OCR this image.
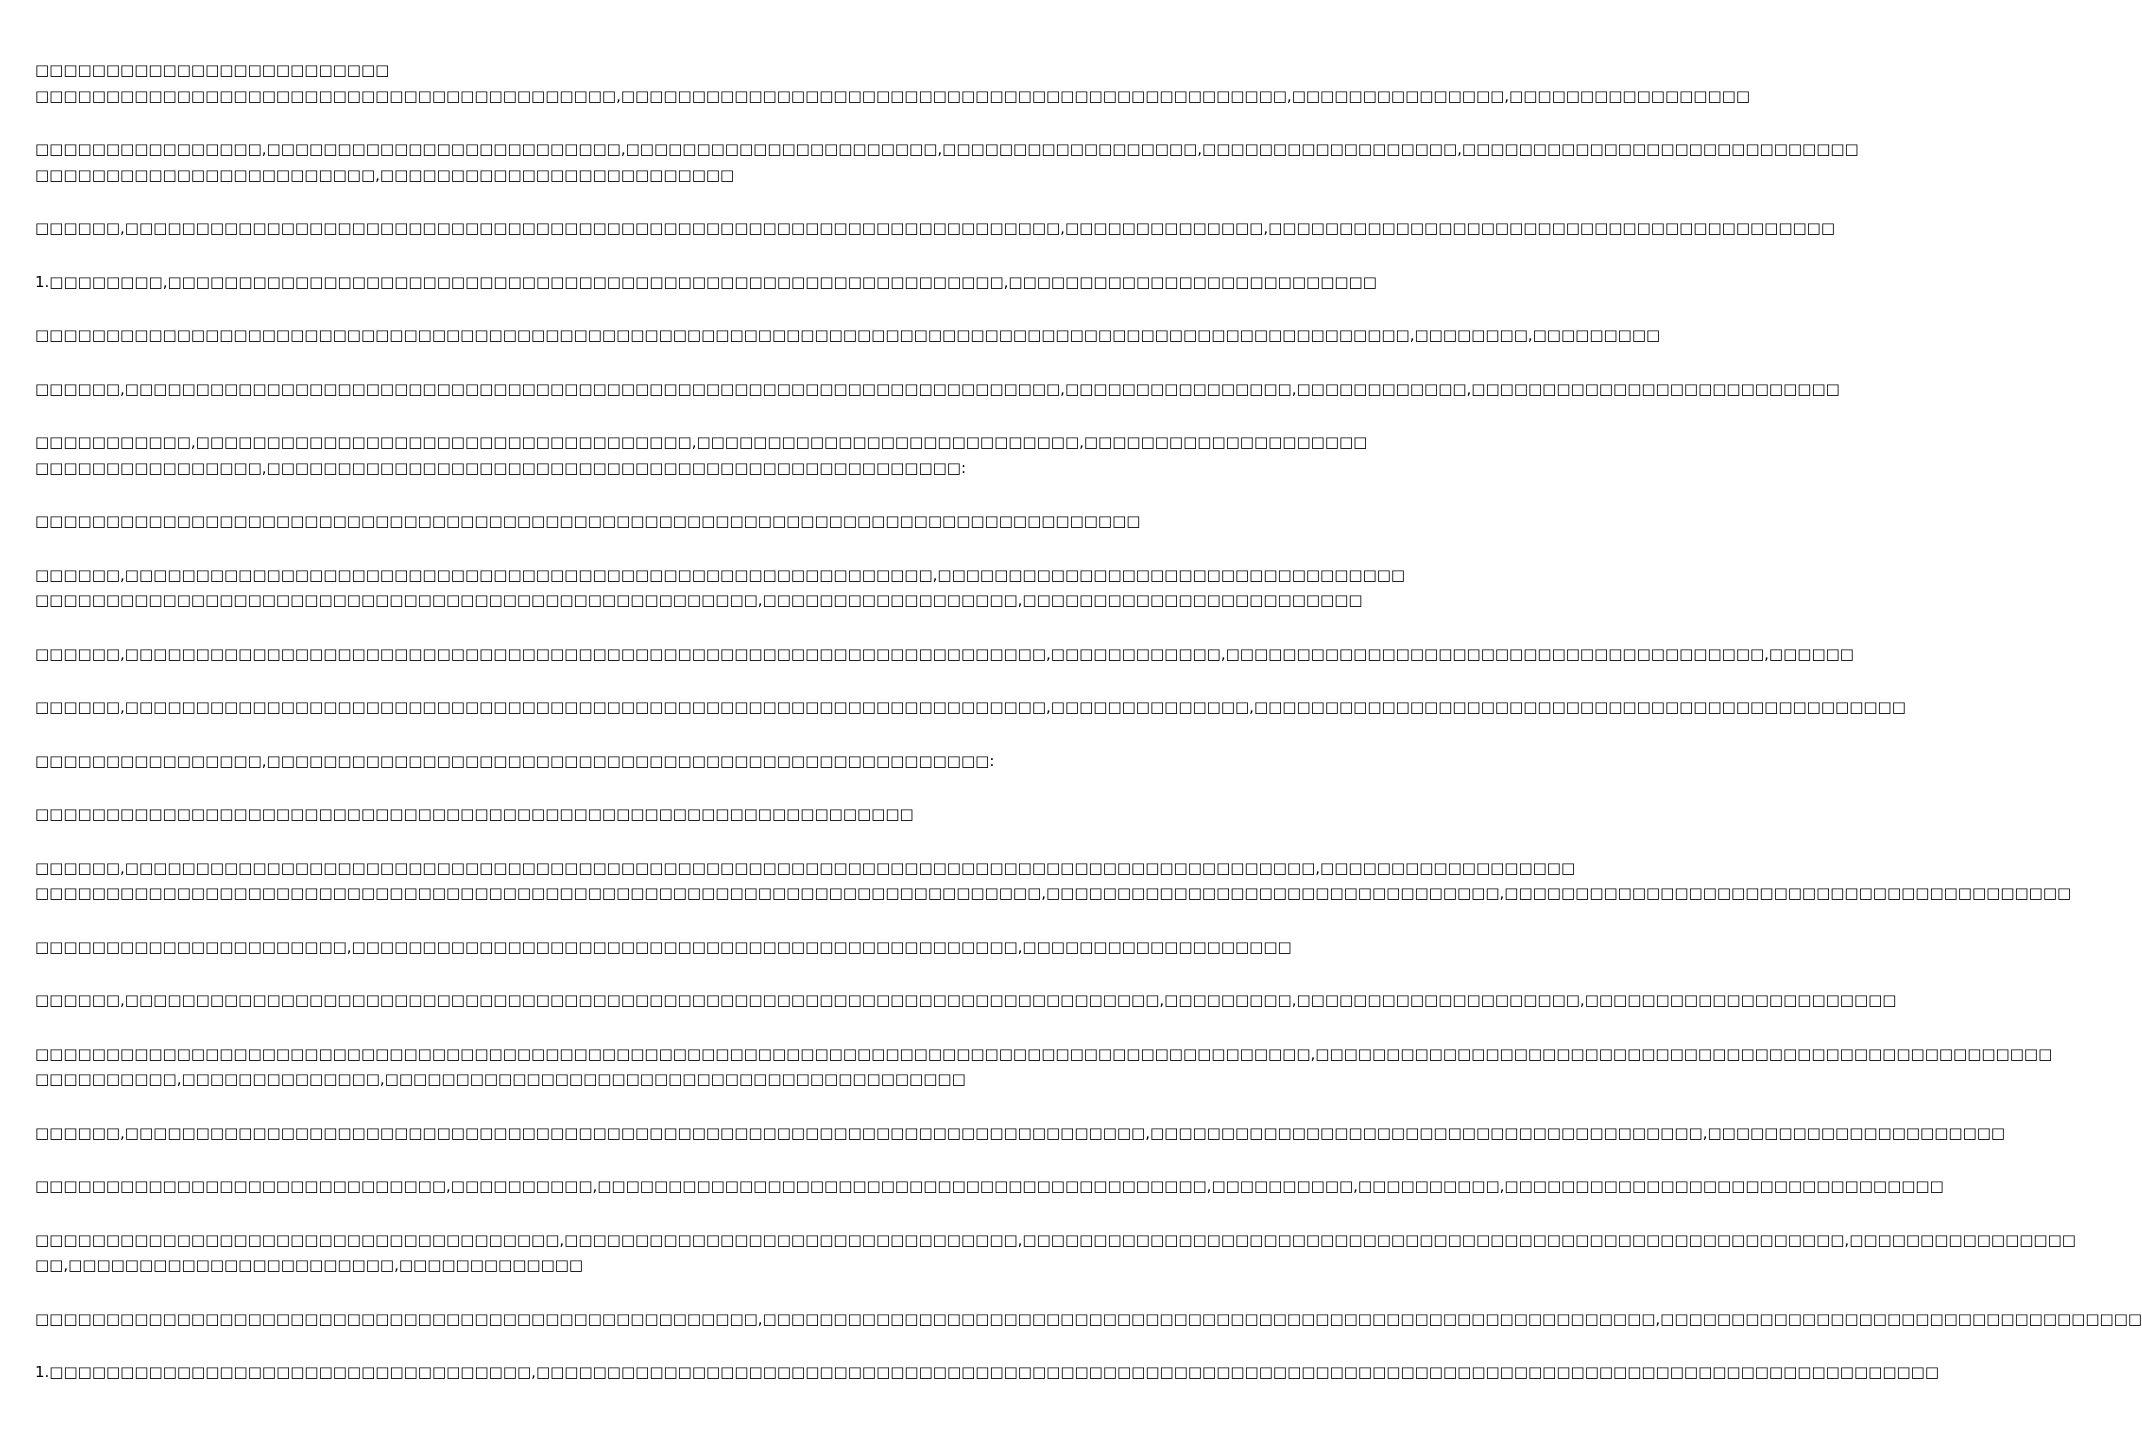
□□□□□□□□□□□□□□□□□□□□□□□□□
□□□□□□□□□□□□□□□□□□□□□□□□□□□□□□□□□□□□□□□□□,□□□□□□□□□□□□□□□□□□□□□□□□□□□□□□□□□□□□□□□□□□□□□□□,□□□□□□□□□□□□□□□,□□□□□□□□□□□□□□□□□
□□□□□□□□□□□□□□□□,□□□□□□□□□□□□□□□□□□□□□□□□□,□□□□□□□□□□□□□□□□□□□□□□,□□□□□□□□□□□□□□□□□□,□□□□□□□□□□□□□□□□□□,□□□□□□□□□□□□□□□□□□□□□□□□□□□□
□□□□□□□□□□□□□□□□□□□□□□□□,□□□□□□□□□□□□□□□□□□□□□□□□□
□□□□□□,□□□□□□□□□□□□□□□□□□□□□□□□□□□□□□□□□□□□□□□□□□□□□□□□□□□□□□□□□□□□□□□□□□,□□□□□□□□□□□□□□,□□□□□□□□□□□□□□□□□□□□□□□□□□□□□□□□□□□□□□□□
1.□□□□□□□□,□□□□□□□□□□□□□□□□□□□□□□□□□□□□□□□□□□□□□□□□□□□□□□□□□□□□□□□□□□□,□□□□□□□□□□□□□□□□□□□□□□□□□□
□□□□□□□□□□□□□□□□□□□□□□□□□□□□□□□□□□□□□□□□□□□□□□□□□□□□□□□□□□□□□□□□□□□□□□□□□□□□□□□□□□□□□□□□□□□□□□□□□,□□□□□□□□,□□□□□□□□□
□□□□□□,□□□□□□□□□□□□□□□□□□□□□□□□□□□□□□□□□□□□□□□□□□□□□□□□□□□□□□□□□□□□□□□□□□,□□□□□□□□□□□□□□□□,□□□□□□□□□□□□,□□□□□□□□□□□□□□□□□□□□□□□□□□
□□□□□□□□□□□,□□□□□□□□□□□□□□□□□□□□□□□□□□□□□□□□□□□,□□□□□□□□□□□□□□□□□□□□□□□□□□□,□□□□□□□□□□□□□□□□□□□□
□□□□□□□□□□□□□□□□,□□□□□□□□□□□□□□□□□□□□□□□□□□□□□□□□□□□□□□□□□□□□□□□□□:
□□□□□□□□□□□□□□□□□□□□□□□□□□□□□□□□□□□□□□□□□□□□□□□□□□□□□□□□□□□□□□□□□□□□□□□□□□□□□□
□□□□□□,□□□□□□□□□□□□□□□□□□□□□□□□□□□□□□□□□□□□□□□□□□□□□□□□□□□□□□□□□,□□□□□□□□□□□□□□□□□□□□□□□□□□□□□□□□□
□□□□□□□□□□□□□□□□□□□□□□□□□□□□□□□□□□□□□□□□□□□□□□□□□□□,□□□□□□□□□□□□□□□□□□,□□□□□□□□□□□□□□□□□□□□□□□□
□□□□□□,□□□□□□□□□□□□□□□□□□□□□□□□□□□□□□□□□□□□□□□□□□□□□□□□□□□□□□□□□□□□□□□□□,□□□□□□□□□□□□,□□□□□□□□□□□□□□□□□□□□□□□□□□□□□□□□□□□□□□,□□□□□□
□□□□□□,□□□□□□□□□□□□□□□□□□□□□□□□□□□□□□□□□□□□□□□□□□□□□□□□□□□□□□□□□□□□□□□□□,□□□□□□□□□□□□□□,□□□□□□□□□□□□□□□□□□□□□□□□□□□□□□□□□□□□□□□□□□□□□□
□□□□□□□□□□□□□□□□,□□□□□□□□□□□□□□□□□□□□□□□□□□□□□□□□□□□□□□□□□□□□□□□□□□□:
□□□□□□□□□□□□□□□□□□□□□□□□□□□□□□□□□□□□□□□□□□□□□□□□□□□□□□□□□□□□□□
□□□□□□,□□□□□□□□□□□□□□□□□□□□□□□□□□□□□□□□□□□□□□□□□□□□□□□□□□□□□□□□□□□□□□□□□□□□□□□□□□□□□□□□□□□□,□□□□□□□□□□□□□□□□□□
□□□□□□□□□□□□□□□□□□□□□□□□□□□□□□□□□□□□□□□□□□□□□□□□□□□□□□□□□□□□□□□□□□□□□□□,□□□□□□□□□□□□□□□□□□□□□□□□□□□□□□□□,□□□□□□□□□□□□□□□□□□□□□□□□□□□□□□□□□□□□□□□□
□□□□□□□□□□□□□□□□□□□□□□,□□□□□□□□□□□□□□□□□□□□□□□□□□□□□□□□□□□□□□□□□□□□□□□,□□□□□□□□□□□□□□□□□□□
□□□□□□,□□□□□□□□□□□□□□□□□□□□□□□□□□□□□□□□□□□□□□□□□□□□□□□□□□□□□□□□□□□□□□□□□□□□□□□□□,□□□□□□□□□,□□□□□□□□□□□□□□□□□□□□,□□□□□□□□□□□□□□□□□□□□□□
□□□□□□□□□□□□□□□□□□□□□□□□□□□□□□□□□□□□□□□□□□□□□□□□□□□□□□□□□□□□□□□□□□□□□□□□□□□□□□□□□□□□□□□□□□,□□□□□□□□□□□□□□□□□□□□□□□□□□□□□□□□□□□□□□□□□□□□□□□□□□□□
□□□□□□□□□□,□□□□□□□□□□□□□□,□□□□□□□□□□□□□□□□□□□□□□□□□□□□□□□□□□□□□□□□□
□□□□□□,□□□□□□□□□□□□□□□□□□□□□□□□□□□□□□□□□□□□□□□□□□□□□□□□□□□□□□□□□□□□□□□□□□□□□□□□,□□□□□□□□□□□□□□□□□□□□□□□□□□□□□□□□□□□□□□□,□□□□□□□□□□□□□□□□□□□□□
□□□□□□□□□□□□□□□□□□□□□□□□□□□□□,□□□□□□□□□□,□□□□□□□□□□□□□□□□□□□□□□□□□□□□□□□□□□□□□□□□□□□,□□□□□□□□□□,□□□□□□□□□□,□□□□□□□□□□□□□□□□□□□□□□□□□□□□□□□
□□□□□□□□□□□□□□□□□□□□□□□□□□□□□□□□□□□□□,□□□□□□□□□□□□□□□□□□□□□□□□□□□□□□□□,□□□□□□□□□□□□□□□□□□□□□□□□□□□□□□□□□□□□□□□□□□□□□□□□□□□□□□□□□□,□□□□□□□□□□□□□□□□
□□,□□□□□□□□□□□□□□□□□□□□□□□,□□□□□□□□□□□□□
□□□□□□□□□□□□□□□□□□□□□□□□□□□□□□□□□□□□□□□□□□□□□□□□□□□,□□□□□□□□□□□□□□□□□□□□□□□□□□□□□□□□□□□□□□□□□□□□□□□□□□□□□□□□□□□□□□□,□□□□□□□□□□□□□□□□□□□□□□□□□□□□□□□□□□
1.□□□□□□□□□□□□□□□□□□□□□□□□□□□□□□□□□□,□□□□□□□□□□□□□□□□□□□□□□□□□□□□□□□□□□□□□□□□□□□□□□□□□□□□□□□□□□□□□□□□□□□□□□□□□□□□□□□□□□□□□□□□□□□□□□□□□□□
